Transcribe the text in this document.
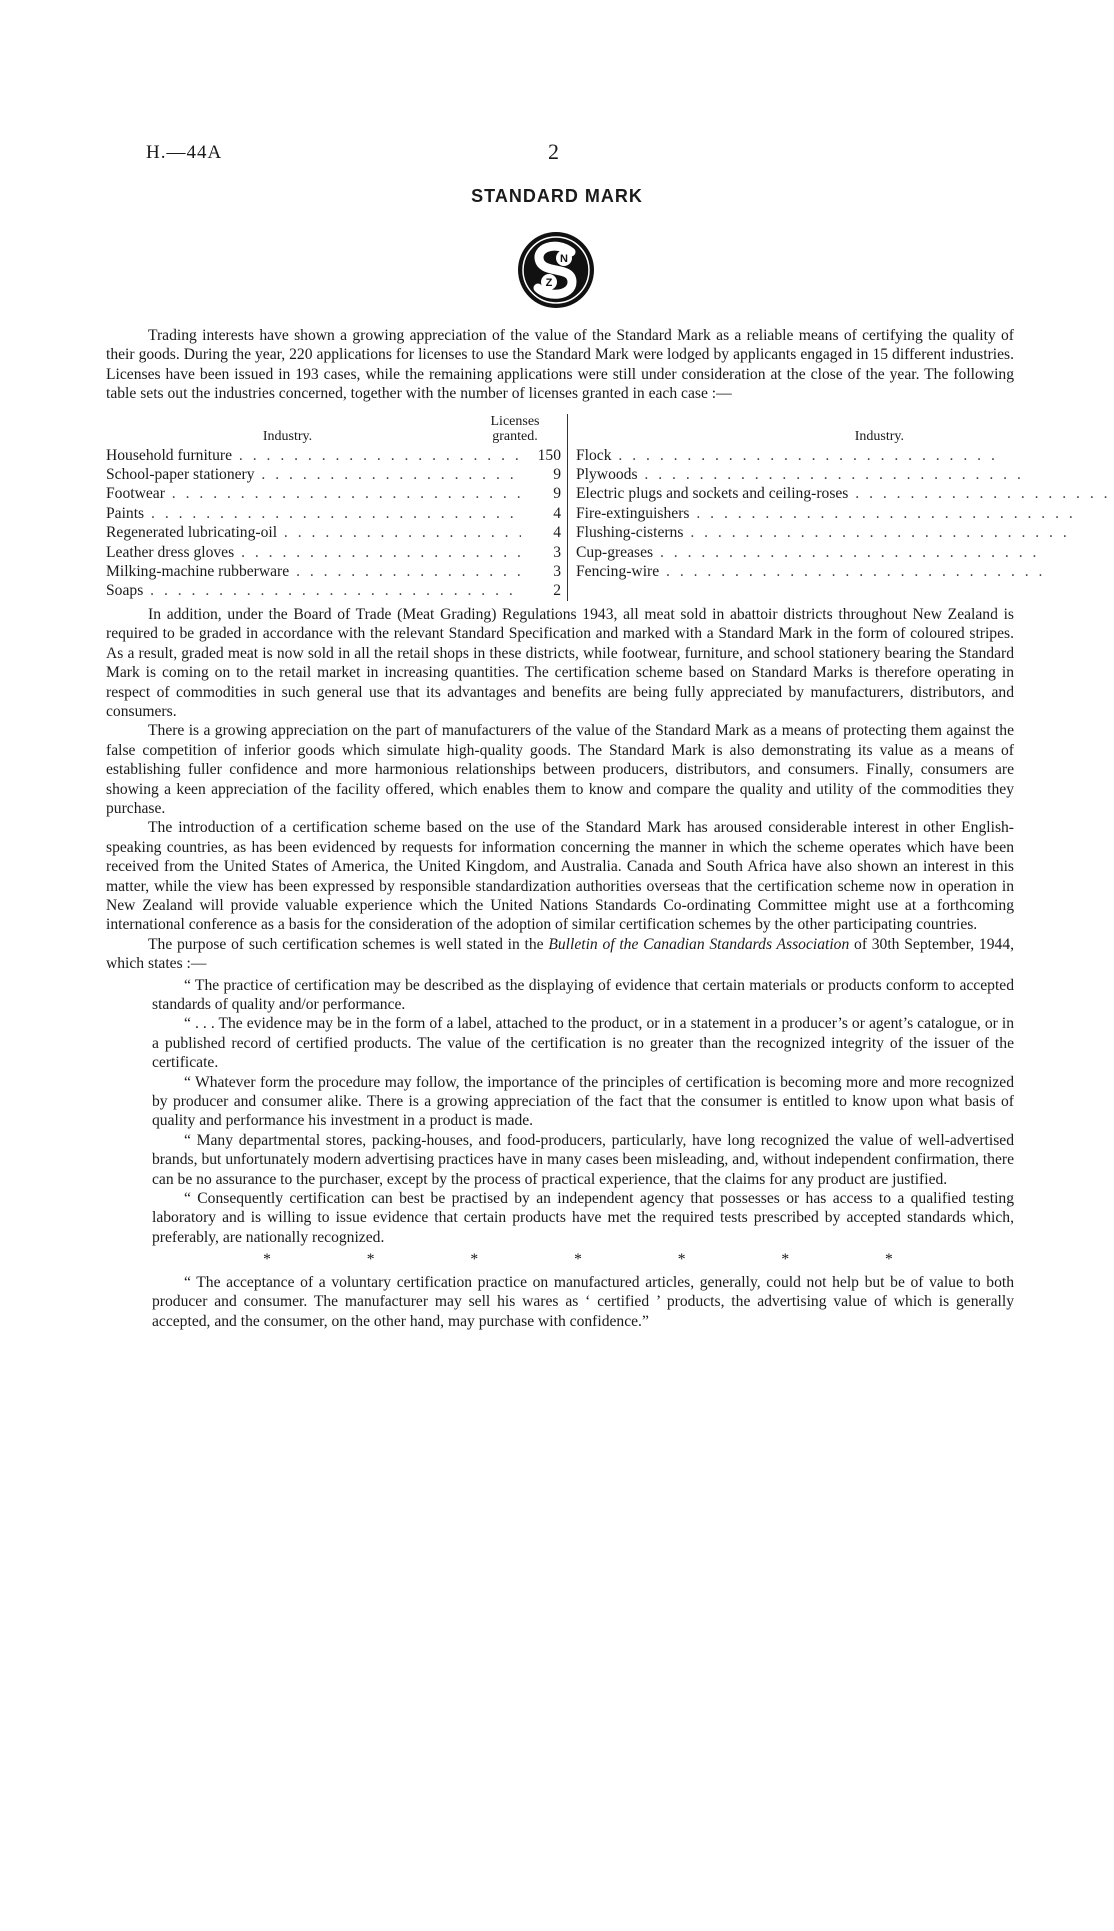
H.—44A	2
STANDARD MARK
N
Z

Trading interests have shown a growing appreciation of the value of the Standard Mark as a reliable means of certifying the quality of their goods. During the year, 220 applications for licenses to use the Standard Mark were lodged by applicants engaged in 15 different industries. Licenses have been issued in 193 cases, while the remaining applications were still under consideration at the close of the year. The following table sets out the industries concerned, together with the number of licenses granted in each case :—

Industry.
Licenses granted.
Household furniture . .	150
School-paper stationery . .	9
Footwear . .	9
Paints . .	4
Regenerated lubricating-oil . .	4
Leather dress gloves . .	3
Milking-machine rubberware . .	3
Soaps . .	2
Industry.
Flock . .
Plywoods . .
Electric plugs and sockets and ceiling-roses . .
Fire-extinguishers . .
Flushing-cisterns . .
Cup-greases . .
Fencing-wire . .

In addition, under the Board of Trade (Meat Grading) Regulations 1943, all meat sold in abattoir districts throughout New Zealand is required to be graded in accordance with the relevant Standard Specification and marked with a Standard Mark in the form of coloured stripes. As a result, graded meat is now sold in all the retail shops in these districts, while footwear, furniture, and school stationery bearing the Standard Mark is coming on to the retail market in increasing quantities. The certification scheme based on Standard Marks is therefore operating in respect of commodities in such general use that its advantages and benefits are being fully appreciated by manufacturers, distributors, and consumers.

There is a growing appreciation on the part of manufacturers of the value of the Standard Mark as a means of protecting them against the false competition of inferior goods which simulate high-quality goods. The Standard Mark is also demonstrating its value as a means of establishing fuller confidence and more harmonious relationships between producers, distributors, and consumers. Finally, consumers are showing a keen appreciation of the facility offered, which enables them to know and compare the quality and utility of the commodities they purchase.

The introduction of a certification scheme based on the use of the Standard Mark has aroused considerable interest in other English-speaking countries, as has been evidenced by requests for information concerning the manner in which the scheme operates which have been received from the United States of America, the United Kingdom, and Australia. Canada and South Africa have also shown an interest in this matter, while the view has been expressed by responsible standardization authorities overseas that the certification scheme now in operation in New Zealand will provide valuable experience which the United Nations Standards Co-ordinating Committee might use at a forthcoming international conference as a basis for the consideration of the adoption of similar certification schemes by the other participating countries.

The purpose of such certification schemes is well stated in the Bulletin of the Canadian Standards Association of 30th September, 1944, which states :—

“ The practice of certification may be described as the displaying of evidence that certain materials or products conform to accepted standards of quality and/or performance.

“ . . . The evidence may be in the form of a label, attached to the product, or in a statement in a producer’s or agent’s catalogue, or in a published record of certified products. The value of the certification is no greater than the recognized integrity of the issuer of the certificate.

“ Whatever form the procedure may follow, the importance of the principles of certification is becoming more and more recognized by producer and consumer alike. There is a growing appreciation of the fact that the consumer is entitled to know upon what basis of quality and performance his investment in a product is made.

“ Many departmental stores, packing-houses, and food-producers, particularly, have long recognized the value of well-advertised brands, but unfortunately modern advertising practices have in many cases been misleading, and, without independent confirmation, there can be no assurance to the purchaser, except by the process of practical experience, that the claims for any product are justified.

“ Consequently certification can best be practised by an independent agency that possesses or has access to a qualified testing laboratory and is willing to issue evidence that certain products have met the required tests prescribed by accepted standards which, preferably, are nationally recognized.

*	*	*	*	*	*	*

“ The acceptance of a voluntary certification practice on manufactured articles, generally, could not help but be of value to both producer and consumer. The manufacturer may sell his wares as ‘ certified ’ products, the advertising value of which is generally accepted, and the consumer, on the other hand, may purchase with confidence.”
